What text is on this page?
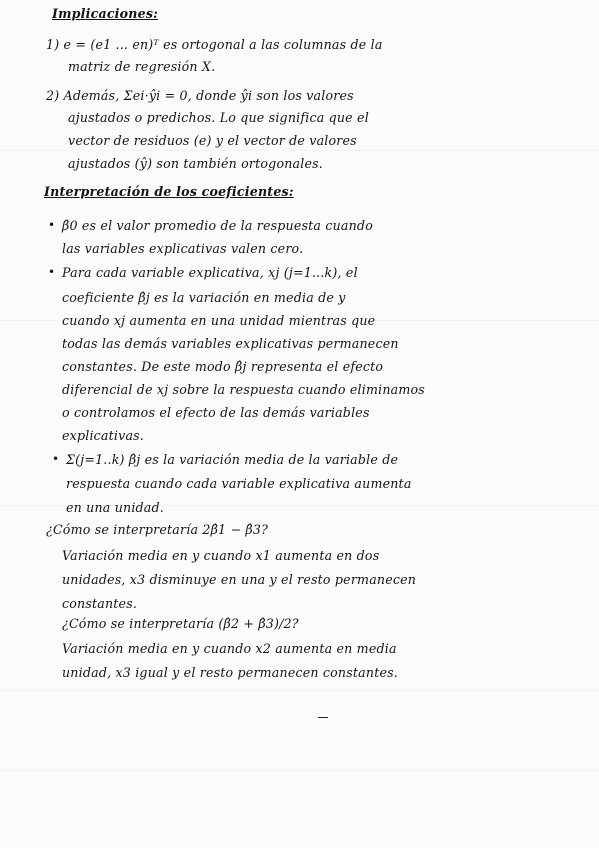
Implicaciones:
1) e = (e1 ... en)ᵀ es ortogonal a las columnas de la
matriz de regresión X.
2) Además, Σei·ŷi = 0, donde ŷi son los valores
ajustados o predichos. Lo que significa que el
vector de residuos (e) y el vector de valores
ajustados (ŷ) son también ortogonales.
Interpretación de los coeficientes:
• β̂0 es el valor promedio de la respuesta cuando
las variables explicativas valen cero.
• Para cada variable explicativa, xj (j=1...k), el
coeficiente β̂j es la variación en media de y
cuando xj aumenta en una unidad mientras que
todas las demás variables explicativas permanecen
constantes. De este modo β̂j representa el efecto
diferencial de xj sobre la respuesta cuando eliminamos
o controlamos el efecto de las demás variables
explicativas.
• Σ(j=1..k) β̂j es la variación media de la variable de
respuesta cuando cada variable explicativa aumenta
en una unidad.
¿Cómo se interpretaría 2β̂1 − β̂3?
Variación media en y cuando x1 aumenta en dos
unidades, x3 disminuye en una y el resto permanecen
constantes.
¿Cómo se interpretaría (β̂2 + β̂3)/2?
Variación media en y cuando x2 aumenta en media
unidad, x3 igual y el resto permanecen constantes.
